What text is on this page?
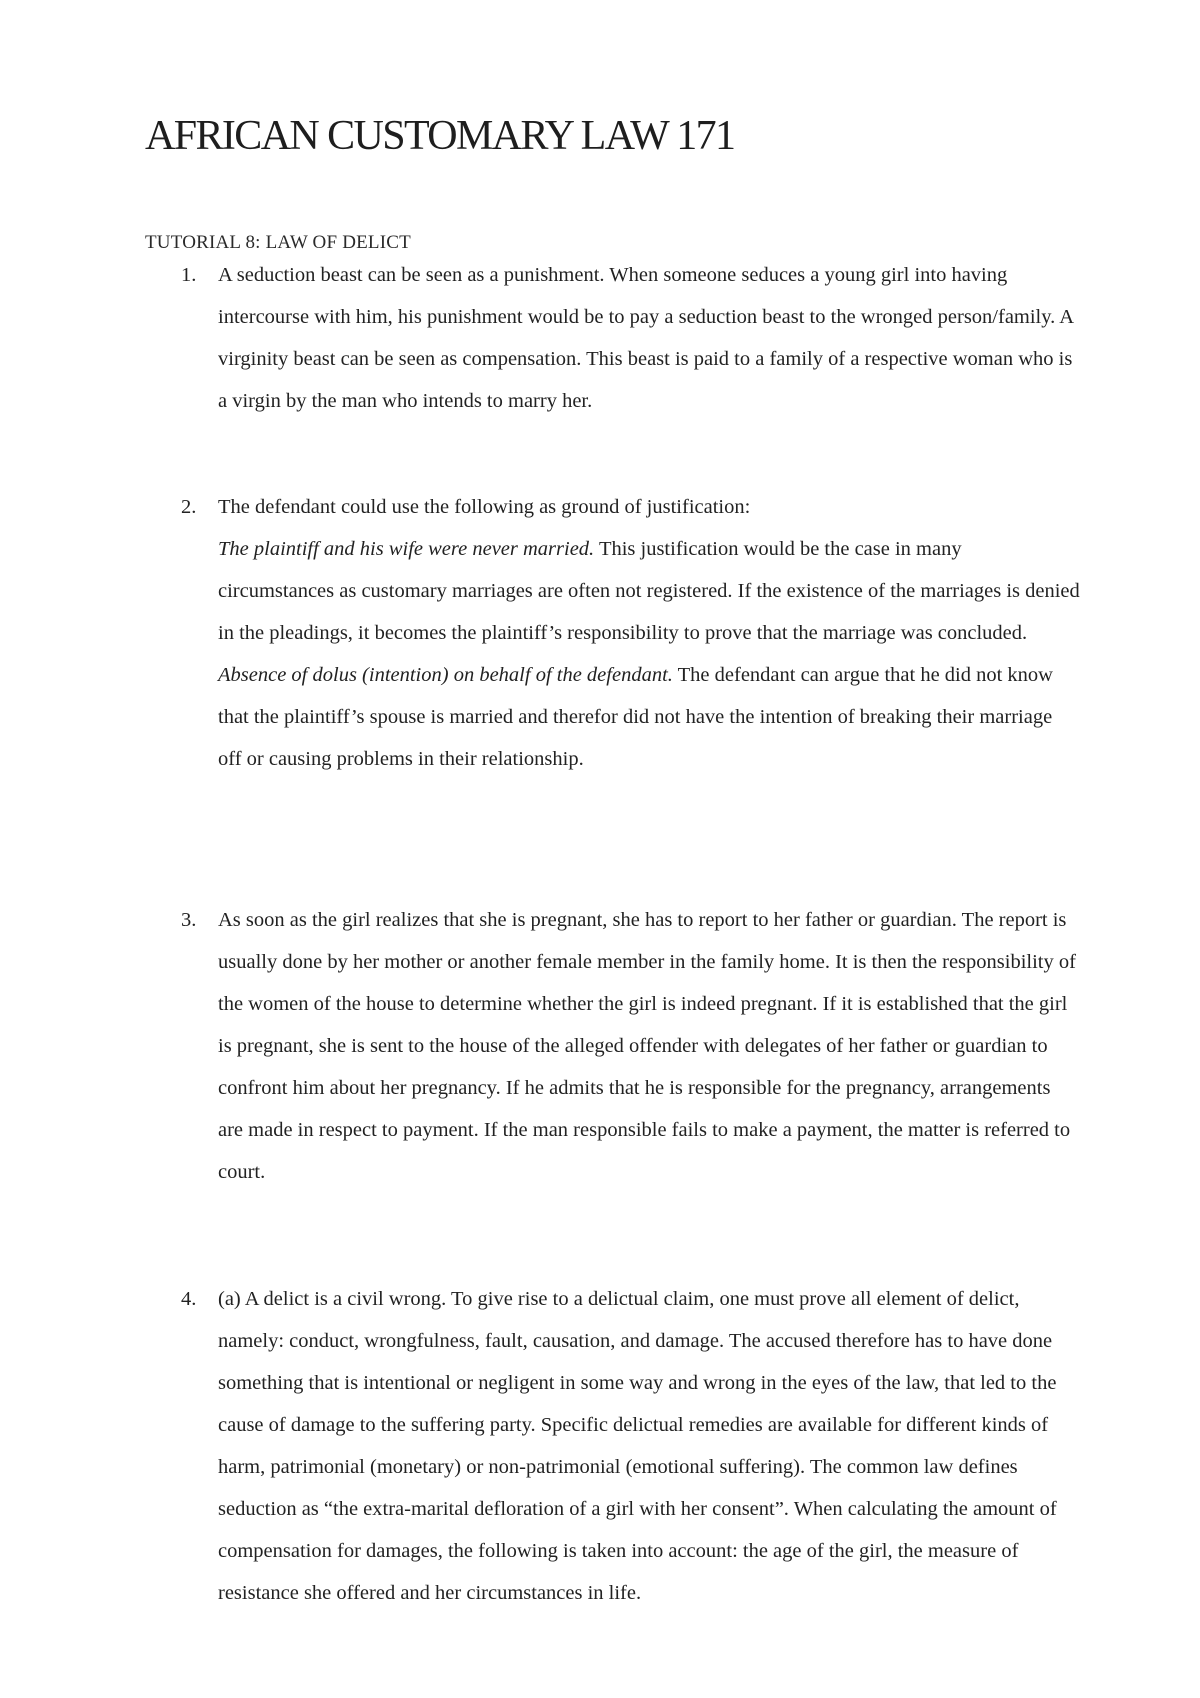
AFRICAN CUSTOMARY LAW 171
TUTORIAL 8: LAW OF DELICT
1.	A seduction beast can be seen as a punishment. When someone seduces a young girl into having intercourse with him, his punishment would be to pay a seduction beast to the wronged person/family. A virginity beast can be seen as compensation. This beast is paid to a family of a respective woman who is a virgin by the man who intends to marry her.

2.	The defendant could use the following as ground of justification:

The plaintiff and his wife were never married. This justification would be the case in many circumstances as customary marriages are often not registered. If the existence of the marriages is denied in the pleadings, it becomes the plaintiff’s responsibility to prove that the marriage was concluded.

Absence of dolus (intention) on behalf of the defendant. The defendant can argue that he did not know that the plaintiff’s spouse is married and therefor did not have the intention of breaking their marriage off or causing problems in their relationship.

3.	As soon as the girl realizes that she is pregnant, she has to report to her father or guardian. The report is usually done by her mother or another female member in the family home. It is then the responsibility of the women of the house to determine whether the girl is indeed pregnant. If it is established that the girl is pregnant, she is sent to the house of the alleged offender with delegates of her father or guardian to confront him about her pregnancy. If he admits that he is responsible for the pregnancy, arrangements are made in respect to payment. If the man responsible fails to make a payment, the matter is referred to court.

4.	(a) A delict is a civil wrong. To give rise to a delictual claim, one must prove all element of delict, namely: conduct, wrongfulness, fault, causation, and damage. The accused therefore has to have done something that is intentional or negligent in some way and wrong in the eyes of the law, that led to the cause of damage to the suffering party. Specific delictual remedies are available for different kinds of harm, patrimonial (monetary) or non-patrimonial (emotional suffering). The common law defines seduction as “the extra-marital defloration of a girl with her consent”. When calculating the amount of compensation for damages, the following is taken into account: the age of the girl, the measure of resistance she offered and her circumstances in life.
